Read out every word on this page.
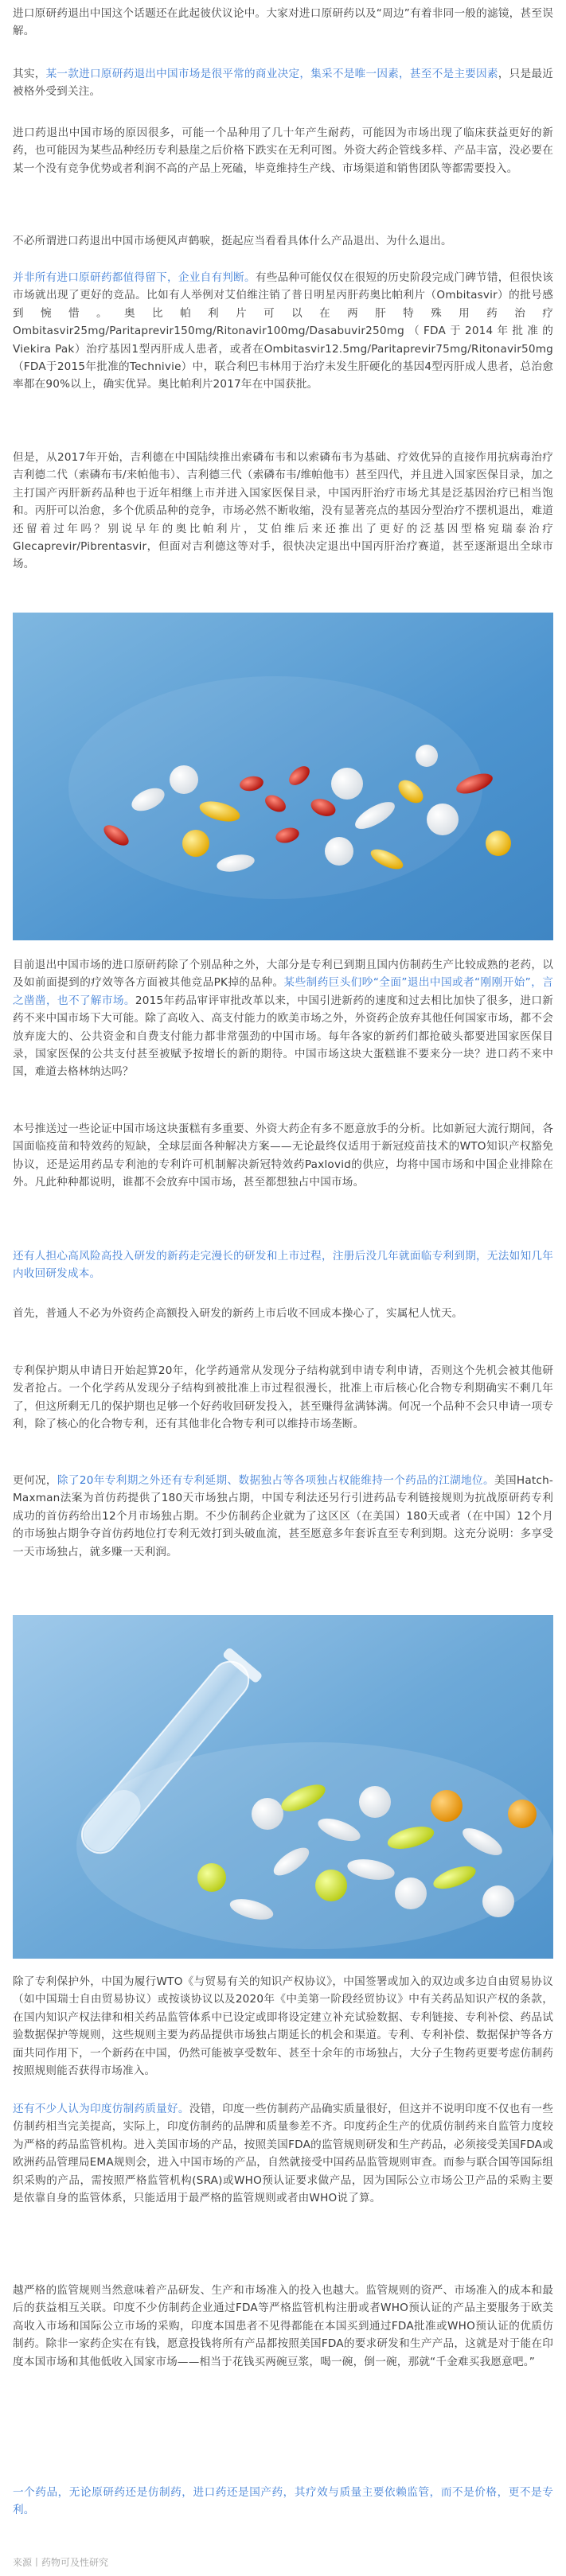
进口原研药退出中国这个话题还在此起彼伏议论中。大家对进口原研药以及“周边”有着非同一般的滤镜，甚至误解。

其实，某一款进口原研药退出中国市场是很平常的商业决定，集采不是唯一因素，甚至不是主要因素，只是最近被格外受到关注。

进口药退出中国市场的原因很多，可能一个品种用了几十年产生耐药，可能因为市场出现了临床获益更好的新药，也可能因为某些品种经历专利悬崖之后价格下跌实在无利可图。外资大药企管线多样、产品丰富，没必要在某一个没有竞争优势或者利润不高的产品上死磕，毕竟维持生产线、市场渠道和销售团队等都需要投入。

不必所谓进口药退出中国市场便风声鹤唳，挺起应当看看具体什么产品退出、为什么退出。

并非所有进口原研药都值得留下，企业自有判断。有些品种可能仅仅在很短的历史阶段完成门碑节错，但很快该市场就出现了更好的竞品。比如有人举例对艾伯维注销了普日明星丙肝药奥比帕利片（Ombitasvir）的批号感到惋惜。奥比帕利片可以在两肝特殊用药治疗Ombitasvir25mg/Paritaprevir150mg/Ritonavir100mg/Dasabuvir250mg（FDA于2014年批准的Viekira Pak）治疗基因1型丙肝成人患者，或者在Ombitasvir12.5mg/Paritaprevir75mg/Ritonavir50mg（FDA于2015年批准的Technivie）中，联合利巴韦林用于治疗未发生肝硬化的基因4型丙肝成人患者，总治愈率都在90%以上，确实优异。奥比帕利片2017年在中国获批。

但是，从2017年开始，吉利德在中国陆续推出索磷布韦和以索磷布韦为基础、疗效优异的直接作用抗病毒治疗吉利德二代（索磷布韦/来帕他韦）、吉利德三代（索磷布韦/维帕他韦）甚至四代，并且进入国家医保目录，加之主打国产丙肝新药品种也于近年相继上市并进入国家医保目录，中国丙肝治疗市场尤其是泛基因治疗已相当饱和。丙肝可以治愈，多个优质品种的竞争，市场必然不断收缩，没有显著亮点的基因分型治疗不摆机退出，难道还留着过年吗？别说早年的奥比帕利片，艾伯维后来还推出了更好的泛基因型格宛瑞泰治疗Glecaprevir/Pibrentasvir，但面对吉利德这等对手，很快决定退出中国丙肝治疗赛道，甚至逐渐退出全球市场。

目前退出中国市场的进口原研药除了个别品种之外，大部分是专利已到期且国内仿制药生产比较成熟的老药，以及如前面提到的疗效等各方面被其他竞品PK掉的品种。某些制药巨头们吵“全面”退出中国或者“刚刚开始”，言之凿凿，也不了解市场。2015年药品审评审批改革以来，中国引进新药的速度和过去相比加快了很多，进口新药不来中国市场下大可能。除了高收入、高支付能力的欧美市场之外，外资药企放弃其他任何国家市场，都不会放弃庞大的、公共资金和自费支付能力都非常强劲的中国市场。每年各家的新药们都抢破头都要进国家医保目录，国家医保的公共支付甚至被赋予按增长的新的期待。中国市场这块大蛋糕谁不要来分一块？进口药不来中国，难道去格林纳达吗？

本号推送过一些论证中国市场这块蛋糕有多重要、外资大药企有多不愿意放手的分析。比如新冠大流行期间，各国面临疫苗和特效药的短缺，全球层面各种解决方案——无论最终仅适用于新冠疫苗技术的WTO知识产权豁免协议，还是运用药品专利池的专利许可机制解决新冠特效药Paxlovid的供应，均将中国市场和中国企业排除在外。凡此种种都说明，谁都不会放弃中国市场，甚至都想独占中国市场。

还有人担心高风险高投入研发的新药走完漫长的研发和上市过程，注册后没几年就面临专利到期，无法如知几年内收回研发成本。

首先，普通人不必为外资药企高额投入研发的新药上市后收不回成本操心了，实属杞人忧天。

专利保护期从申请日开始起算20年，化学药通常从发现分子结构就到申请专利申请，否则这个先机会被其他研发者抢占。一个化学药从发现分子结构到被批准上市过程很漫长，批准上市后核心化合物专利期确实不剩几年了，但这所剩无几的保护期也足够一个好药收回研发投入，甚至赚得盆满钵满。何况一个品种不会只申请一项专利，除了核心的化合物专利，还有其他非化合物专利可以维持市场垄断。

更何况，除了20年专利期之外还有专利延期、数据独占等各项独占权能维持一个药品的江湖地位。美国Hatch-Maxman法案为首仿药提供了180天市场独占期，中国专利法还另行引进药品专利链接规则为抗战原研药专利成功的首仿药给出12个月市场独占期。不少仿制药企业就为了这区区（在美国）180天或者（在中国）12个月的市场独占期争夺首仿药地位打专利无效打到头破血流，甚至愿意多年套诉直至专利到期。这充分说明：多享受一天市场独占，就多赚一天利润。

除了专利保护外，中国为履行WTO《与贸易有关的知识产权协议》，中国签署或加入的双边或多边自由贸易协议（如中国瑞士自由贸易协议）或按谈协议以及2020年《中美第一阶段经贸协议》中有关药品知识产权的条款，在国内知识产权法律和相关药品监管体系中已设定或即将设定建立补充试验数据、专利链接、专利补偿、药品试验数据保护等规则，这些规则主要为药品提供市场独占期延长的机会和渠道。专利、专利补偿、数据保护等各方面共同作用下，一个新药在中国，仍然可能被享受数年、甚至十余年的市场独占，大分子生物药更要考虑仿制药按照规则能否获得市场准入。

还有不少人认为印度仿制药质量好。没错，印度一些仿制药产品确实质量很好，但这并不说明印度不仅也有一些仿制药相当完美提高，实际上，印度仿制药的品牌和质量参差不齐。印度药企生产的优质仿制药来自监管力度较为严格的药品监管机构。进入美国市场的产品，按照美国FDA的监管规则研发和生产药品，必须接受美国FDA或欧洲药品管理局EMA规则会，进入中国市场的产品，自然就接受中国药品监管规则审查。而参与联合国等国际组织采购的产品，需按照严格监管机构(SRA)或WHO预认证要求做产品，因为国际公立市场公卫产品的采购主要是依靠自身的监管体系，只能适用于最严格的监管规则或者由WHO说了算。

越严格的监管规则当然意味着产品研发、生产和市场准入的投入也越大。监管规则的资严、市场准入的成本和最后的获益相互关联。印度不少仿制药企业通过FDA等严格监管机构注册或者WHO预认证的产品主要服务于欧美高收入市场和国际公立市场的采购，印度本国患者不见得都能在本国买到通过FDA批准或WHO预认证的优质仿制药。除非一家药企实在有钱，愿意投钱将所有产品都按照美国FDA的要求研发和生产产品，这就是对于能在印度本国市场和其他低收入国家市场——相当于花钱买两碗豆浆，喝一碗，倒一碗，那就“千金难买我愿意吧。”

一个药品，无论原研药还是仿制药，进口药还是国产药，其疗效与质量主要依赖监管，而不是价格，更不是专利。

来源丨药物可及性研究
